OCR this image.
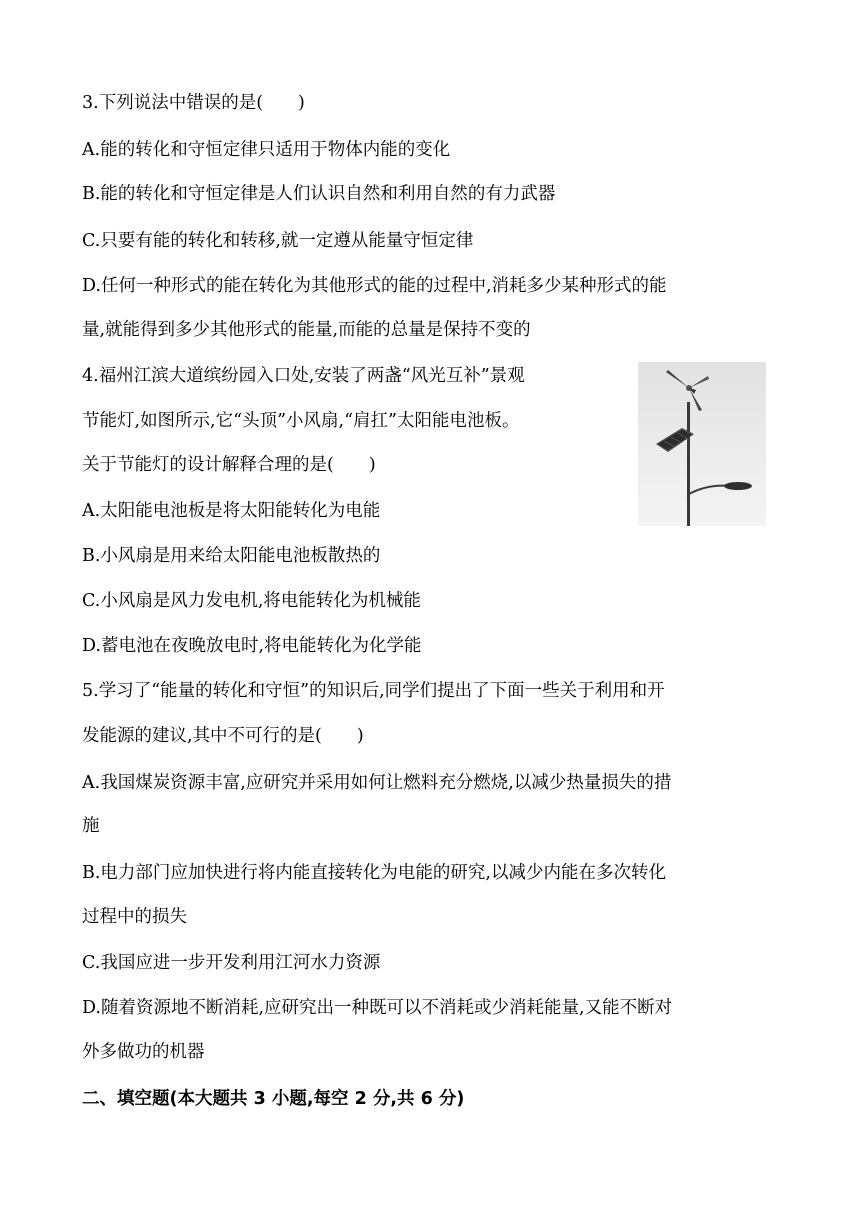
3.下列说法中错误的是(　　)
A.能的转化和守恒定律只适用于物体内能的变化
B.能的转化和守恒定律是人们认识自然和利用自然的有力武器
C.只要有能的转化和转移,就一定遵从能量守恒定律
D.任何一种形式的能在转化为其他形式的能的过程中,消耗多少某种形式的能
量,就能得到多少其他形式的能量,而能的总量是保持不变的
4.福州江滨大道缤纷园入口处,安装了两盏“风光互补”景观
节能灯,如图所示,它“头顶”小风扇,“肩扛”太阳能电池板。
关于节能灯的设计解释合理的是(　　)
A.太阳能电池板是将太阳能转化为电能
B.小风扇是用来给太阳能电池板散热的
C.小风扇是风力发电机,将电能转化为机械能
D.蓄电池在夜晚放电时,将电能转化为化学能
5.学习了“能量的转化和守恒”的知识后,同学们提出了下面一些关于利用和开
发能源的建议,其中不可行的是(　　)
A.我国煤炭资源丰富,应研究并采用如何让燃料充分燃烧,以减少热量损失的措
施
B.电力部门应加快进行将内能直接转化为电能的研究,以减少内能在多次转化
过程中的损失
C.我国应进一步开发利用江河水力资源
D.随着资源地不断消耗,应研究出一种既可以不消耗或少消耗能量,又能不断对
外多做功的机器
二、填空题(本大题共 3 小题,每空 2 分,共 6 分)
